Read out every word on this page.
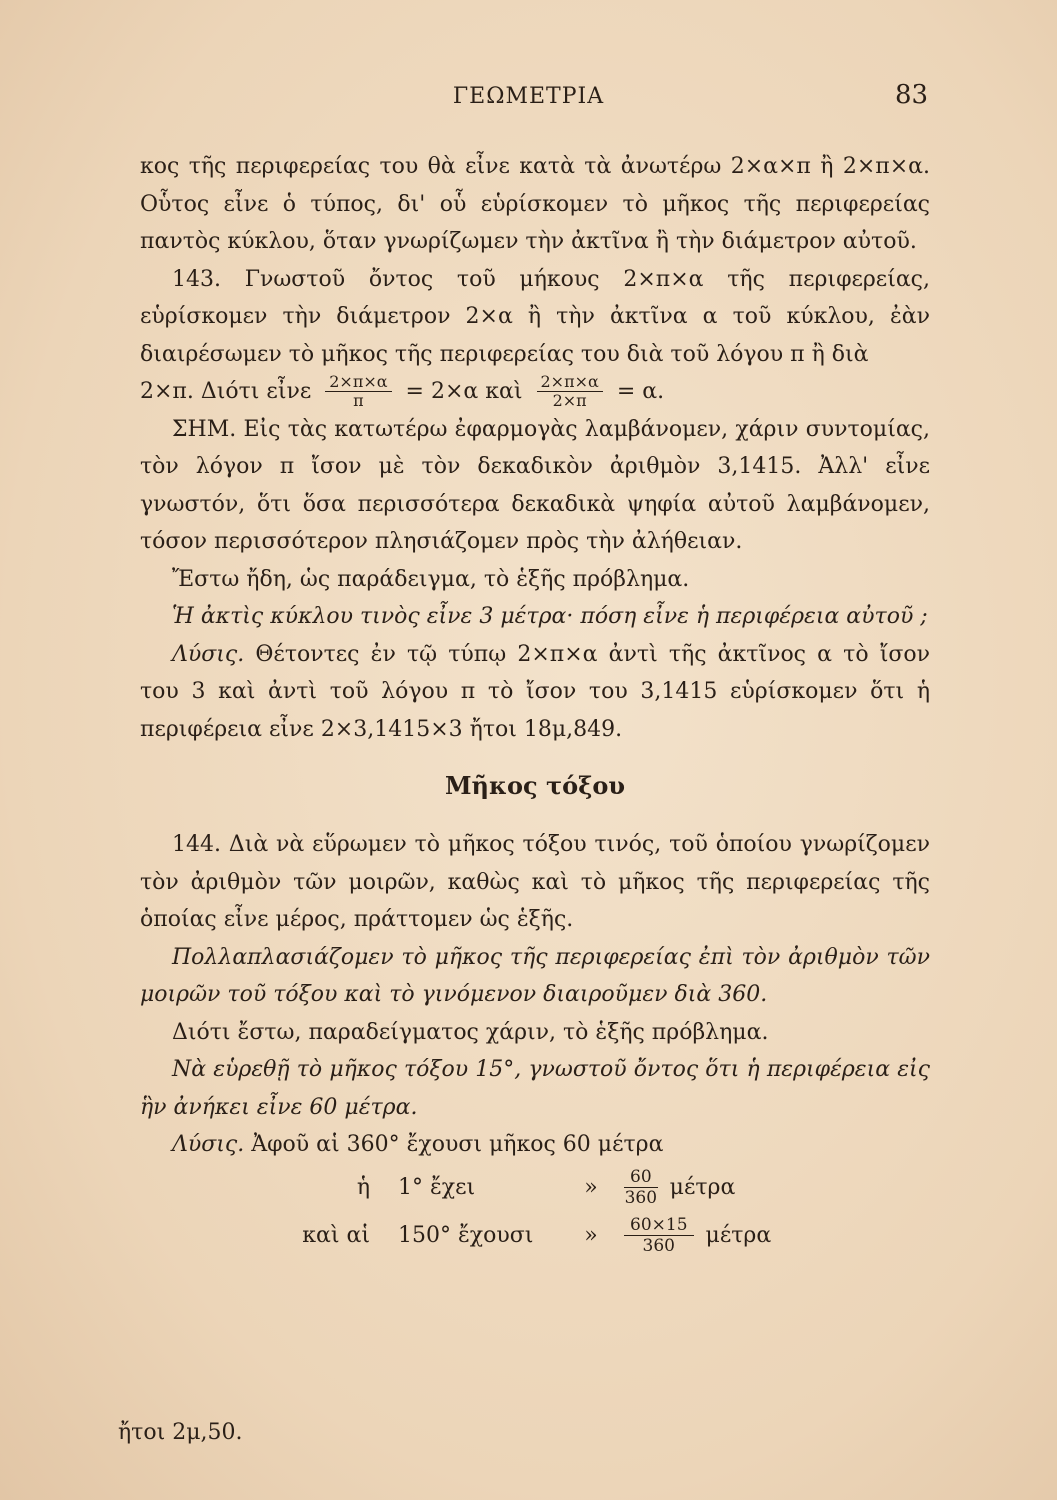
ΓΕΩΜΕΤΡΙΑ	83

κος τῆς περιφερείας του θὰ εἶνε κατὰ τὰ ἀνωτέρω 2×α×π ἢ 2×π×α. Οὗτος εἶνε ὁ τύπος, δι' οὗ εὑρίσκομεν τὸ μῆκος τῆς περιφερείας παντὸς κύκλου, ὅταν γνωρίζωμεν τὴν ἀκτῖνα ἢ τὴν διάμετρον αὐτοῦ.

143. Γνωστοῦ ὄντος τοῦ μήκους 2×π×α τῆς περιφερείας, εὑρίσκομεν τὴν διάμετρον 2×α ἢ τὴν ἀκτῖνα α τοῦ κύκλου, ἐὰν διαιρέσωμεν τὸ μῆκος τῆς περιφερείας του διὰ τοῦ λόγου π ἢ διὰ

2×π. Διότι εἶνε $\frac{2\times\pi\times\alpha}{\pi} = 2\times\alpha$ καὶ $\frac{2\times\pi\times\alpha}{2\times\pi} = \alpha$.

ΣΗΜ. Εἰς τὰς κατωτέρω ἐφαρμογὰς λαμβάνομεν, χάριν συντομίας, τὸν λόγον π ἴσον μὲ τὸν δεκαδικὸν ἀριθμὸν 3,1415. Ἀλλ' εἶνε γνωστόν, ὅτι ὅσα περισσότερα δεκαδικὰ ψηφία αὐτοῦ λαμβάνομεν, τόσον περισσότερον πλησιάζομεν πρὸς τὴν ἀλήθειαν.

Ἔστω ἤδη, ὡς παράδειγμα, τὸ ἑξῆς πρόβλημα.

Ἡ ἀκτὶς κύκλου τινὸς εἶνε 3 μέτρα· πόση εἶνε ἡ περιφέρεια αὐτοῦ ;

Λύσις. Θέτοντες ἐν τῷ τύπῳ 2×π×α ἀντὶ τῆς ἀκτῖνος α τὸ ἴσον του 3 καὶ ἀντὶ τοῦ λόγου π τὸ ἴσον του 3,1415 εὑρίσκομεν ὅτι ἡ περιφέρεια εἶνε 2×3,1415×3 ἤτοι 18μ,849.

Μῆκος τόξου

144. Διὰ νὰ εὕρωμεν τὸ μῆκος τόξου τινός, τοῦ ὁποίου γνωρίζομεν τὸν ἀριθμὸν τῶν μοιρῶν, καθὼς καὶ τὸ μῆκος τῆς περιφερείας τῆς ὁποίας εἶνε μέρος, πράττομεν ὡς ἑξῆς.

Πολλαπλασιάζομεν τὸ μῆκος τῆς περιφερείας ἐπὶ τὸν ἀριθμὸν τῶν μοιρῶν τοῦ τόξου καὶ τὸ γινόμενον διαιροῦμεν διὰ 360.

Διότι ἔστω, παραδείγματος χάριν, τὸ ἑξῆς πρόβλημα.

Νὰ εὑρεθῇ τὸ μῆκος τόξου 15°, γνωστοῦ ὄντος ὅτι ἡ περιφέρεια εἰς ἣν ἀνήκει εἶνε 60 μέτρα.

Λύσις. Ἀφοῦ αἱ 360° ἔχουσι μῆκος 60 μέτρα

ἡ	1° ἔχει	»	$\frac{60}{360}$ μέτρα
καὶ αἱ	150° ἔχουσι	»	$\frac{60\times 15}{360}$ μέτρα
ἤτοι 2μ,50.
